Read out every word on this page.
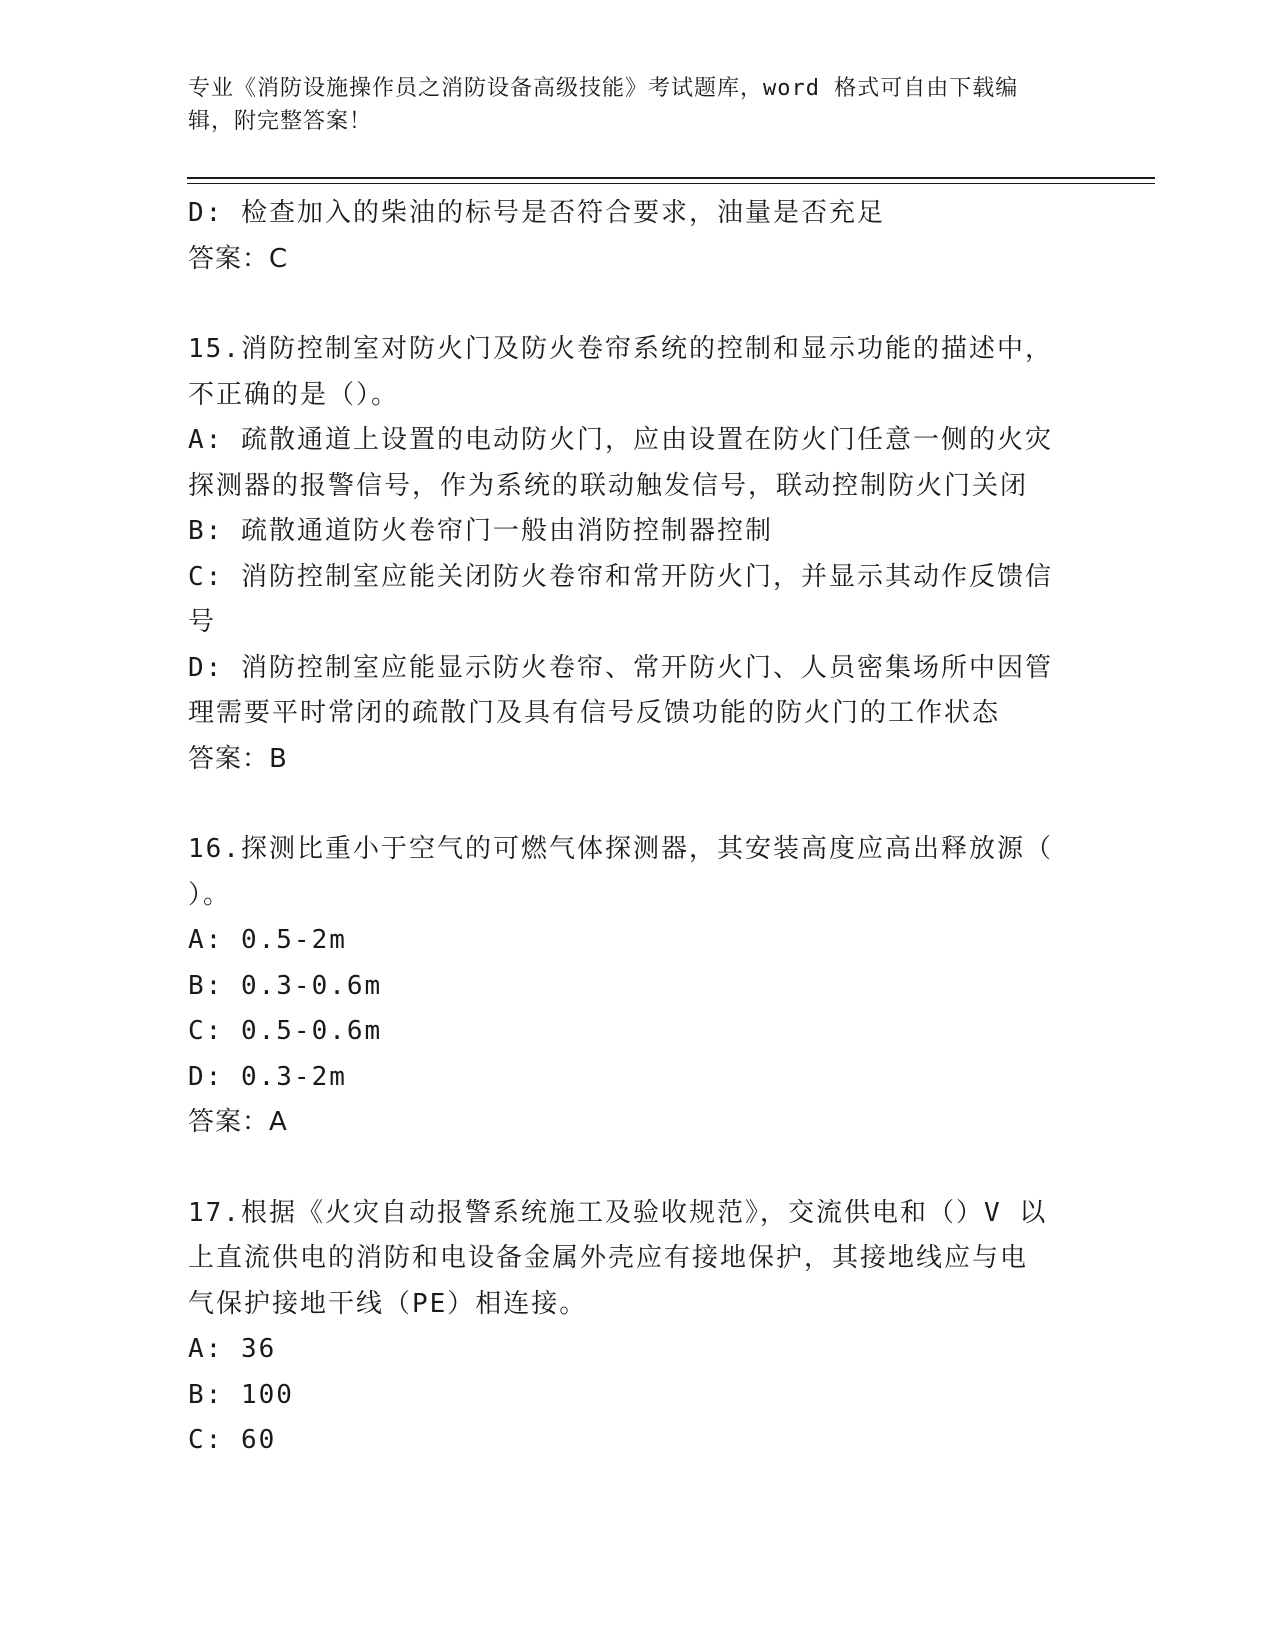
专业《消防设施操作员之消防设备高级技能》考试题库，word 格式可自由下载编
辑，附完整答案！
D: 检查加入的柴油的标号是否符合要求，油量是否充足
答案：C
15.消防控制室对防火门及防火卷帘系统的控制和显示功能的描述中，
不正确的是（）。
A: 疏散通道上设置的电动防火门，应由设置在防火门任意一侧的火灾
探测器的报警信号，作为系统的联动触发信号，联动控制防火门关闭
B: 疏散通道防火卷帘门一般由消防控制器控制
C: 消防控制室应能关闭防火卷帘和常开防火门，并显示其动作反馈信
号
D: 消防控制室应能显示防火卷帘、常开防火门、人员密集场所中因管
理需要平时常闭的疏散门及具有信号反馈功能的防火门的工作状态
答案：B
16.探测比重小于空气的可燃气体探测器，其安装高度应高出释放源（
）。
A: 0.5-2m
B: 0.3-0.6m
C: 0.5-0.6m
D: 0.3-2m
答案：A
17.根据《火灾自动报警系统施工及验收规范》，交流供电和（）V 以
上直流供电的消防和电设备金属外壳应有接地保护，其接地线应与电
气保护接地干线（PE）相连接。
A: 36
B: 100
C: 60
